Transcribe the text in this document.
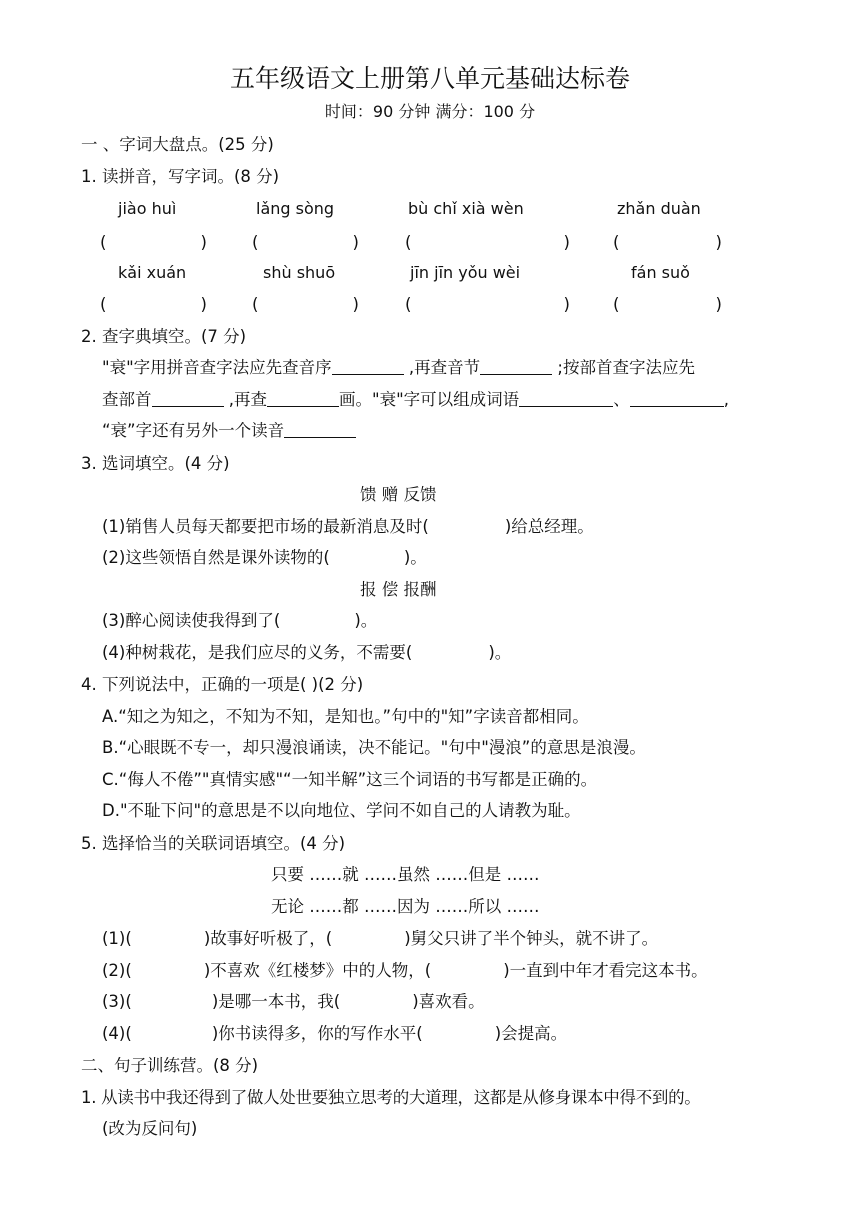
五年级语文上册第八单元基础达标卷
时间：90 分钟 满分：100 分
一 、字词大盘点。(25 分)
1. 读拼音，写字词。(8 分)
jiào huì	lǎng sòng	bù chǐ xià wèn	zhǎn duàn
(	)	(	)	(	)	(	)
kǎi xuán	shù shuō	jīn jīn yǒu wèi	fán suǒ
(	)	(	)	(	)	(	)
2. 查字典填空。(7 分)
"衰"字用拼音查字法应先查音序	,再查音节	;按部首查字法应先
查部首	,再查	画。"衰"字可以组成词语	、	,
“衰”字还有另外一个读音
3. 选词填空。(4 分)
馈 赠 反馈
(1)销售人员每天都要把市场的最新消息及时(	)给总经理。
(2)这些领悟自然是课外读物的(	)。
报 偿 报酬
(3)醉心阅读使我得到了(	)。
(4)种树栽花，是我们应尽的义务，不需要(	)。
4. 下列说法中，正确的一项是( )(2 分)
A.“知之为知之，不知为不知，是知也。”句中的"知”字读音都相同。
B.“心眼既不专一，却只漫浪诵读，决不能记。"句中"漫浪”的意思是浪漫。
C.“侮人不倦”"真情实感"“一知半解”这三个词语的书写都是正确的。
D."不耻下问"的意思是不以向地位、学问不如自己的人请教为耻。
5. 选择恰当的关联词语填空。(4 分)
只要 ……就 ……虽然 ……但是 ……
无论 ……都 ……因为 ……所以 ……
(1)(	)故事好听极了，(	)舅父只讲了半个钟头，就不讲了。
(2)(	)不喜欢《红楼梦》中的人物，(	)一直到中年才看完这本书。
(3)(	)是哪一本书，我(	)喜欢看。
(4)(	)你书读得多，你的写作水平(	)会提高。
二、句子训练营。(8 分)
1. 从读书中我还得到了做人处世要独立思考的大道理，这都是从修身课本中得不到的。
(改为反问句)
